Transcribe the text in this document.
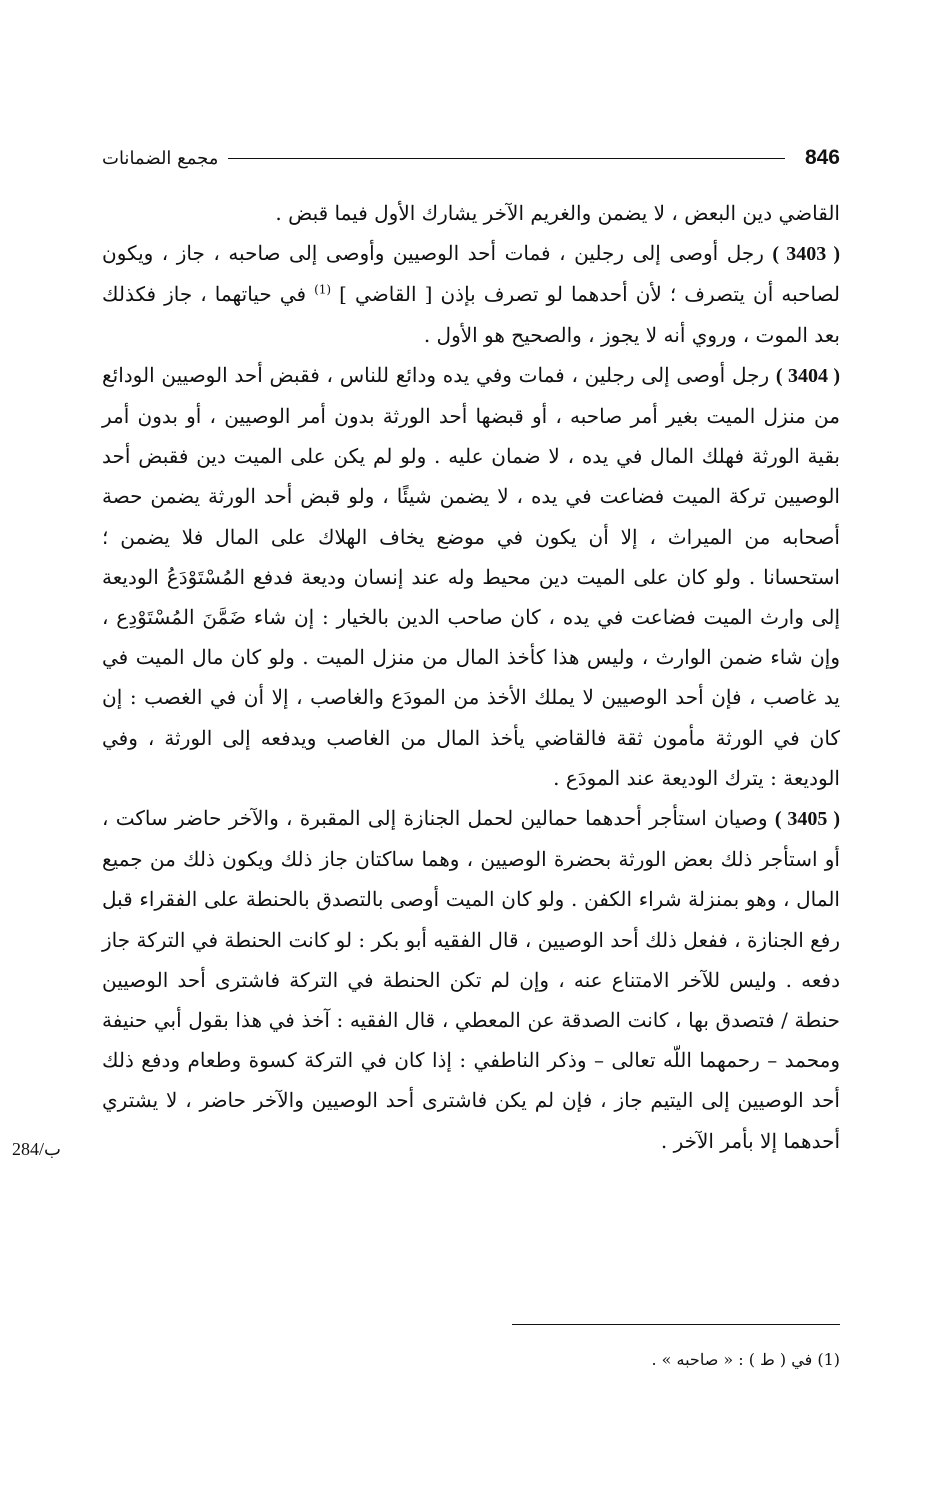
846
مجمع الضمانات

القاضي دين البعض ، لا يضمن والغريم الآخر يشارك الأول فيما قبض .

( 3403 ) رجل أوصى إلى رجلين ، فمات أحد الوصيين وأوصى إلى صاحبه ، جاز ، ويكون لصاحبه أن يتصرف ؛ لأن أحدهما لو تصرف بإذن [ القاضي ] $^{(1)}$ في حياتهما ، جاز فكذلك بعد الموت ، وروي أنه لا يجوز ، والصحيح هو الأول .

( 3404 ) رجل أوصى إلى رجلين ، فمات وفي يده ودائع للناس ، فقبض أحد الوصيين الودائع من منزل الميت بغير أمر صاحبه ، أو قبضها أحد الورثة بدون أمر الوصيين ، أو بدون أمر بقية الورثة فهلك المال في يده ، لا ضمان عليه . ولو لم يكن على الميت دين فقبض أحد الوصيين تركة الميت فضاعت في يده ، لا يضمن شيئًا ، ولو قبض أحد الورثة يضمن حصة أصحابه من الميراث ، إلا أن يكون في موضع يخاف الهلاك على المال فلا يضمن ؛ استحسانا . ولو كان على الميت دين محيط وله عند إنسان وديعة فدفع المُسْتَوْدَعُ الوديعة إلى وارث الميت فضاعت في يده ، كان صاحب الدين بالخيار : إن شاء ضَمَّنَ المُسْتَوْدِع ، وإن شاء ضمن الوارث ، وليس هذا كأخذ المال من منزل الميت . ولو كان مال الميت في يد غاصب ، فإن أحد الوصيين لا يملك الأخذ من المودَع والغاصب ، إلا أن في الغصب : إن كان في الورثة مأمون ثقة فالقاضي يأخذ المال من الغاصب ويدفعه إلى الورثة ، وفي الوديعة : يترك الوديعة عند المودَع .

( 3405 ) وصيان استأجر أحدهما حمالين لحمل الجنازة إلى المقبرة ، والآخر حاضر ساكت ، أو استأجر ذلك بعض الورثة بحضرة الوصيين ، وهما ساكتان جاز ذلك ويكون ذلك من جميع المال ، وهو بمنزلة شراء الكفن . ولو كان الميت أوصى بالتصدق بالحنطة على الفقراء قبل رفع الجنازة ، ففعل ذلك أحد الوصيين ، قال الفقيه أبو بكر : لو كانت الحنطة في التركة جاز دفعه . وليس للآخر الامتناع عنه ، وإن لم تكن الحنطة في التركة فاشترى أحد الوصيين حنطة / فتصدق بها ، كانت الصدقة عن المعطي ، قال الفقيه : آخذ في هذا بقول أبي حنيفة ومحمد – رحمهما اللّه تعالى – وذكر الناطفي : إذا كان في التركة كسوة وطعام ودفع ذلك أحد الوصيين إلى اليتيم جاز ، فإن لم يكن فاشترى أحد الوصيين والآخر حاضر ، لا يشتري أحدهما إلا بأمر الآخر .

284/ب
(1) في ( ط ) : « صاحبه » .
